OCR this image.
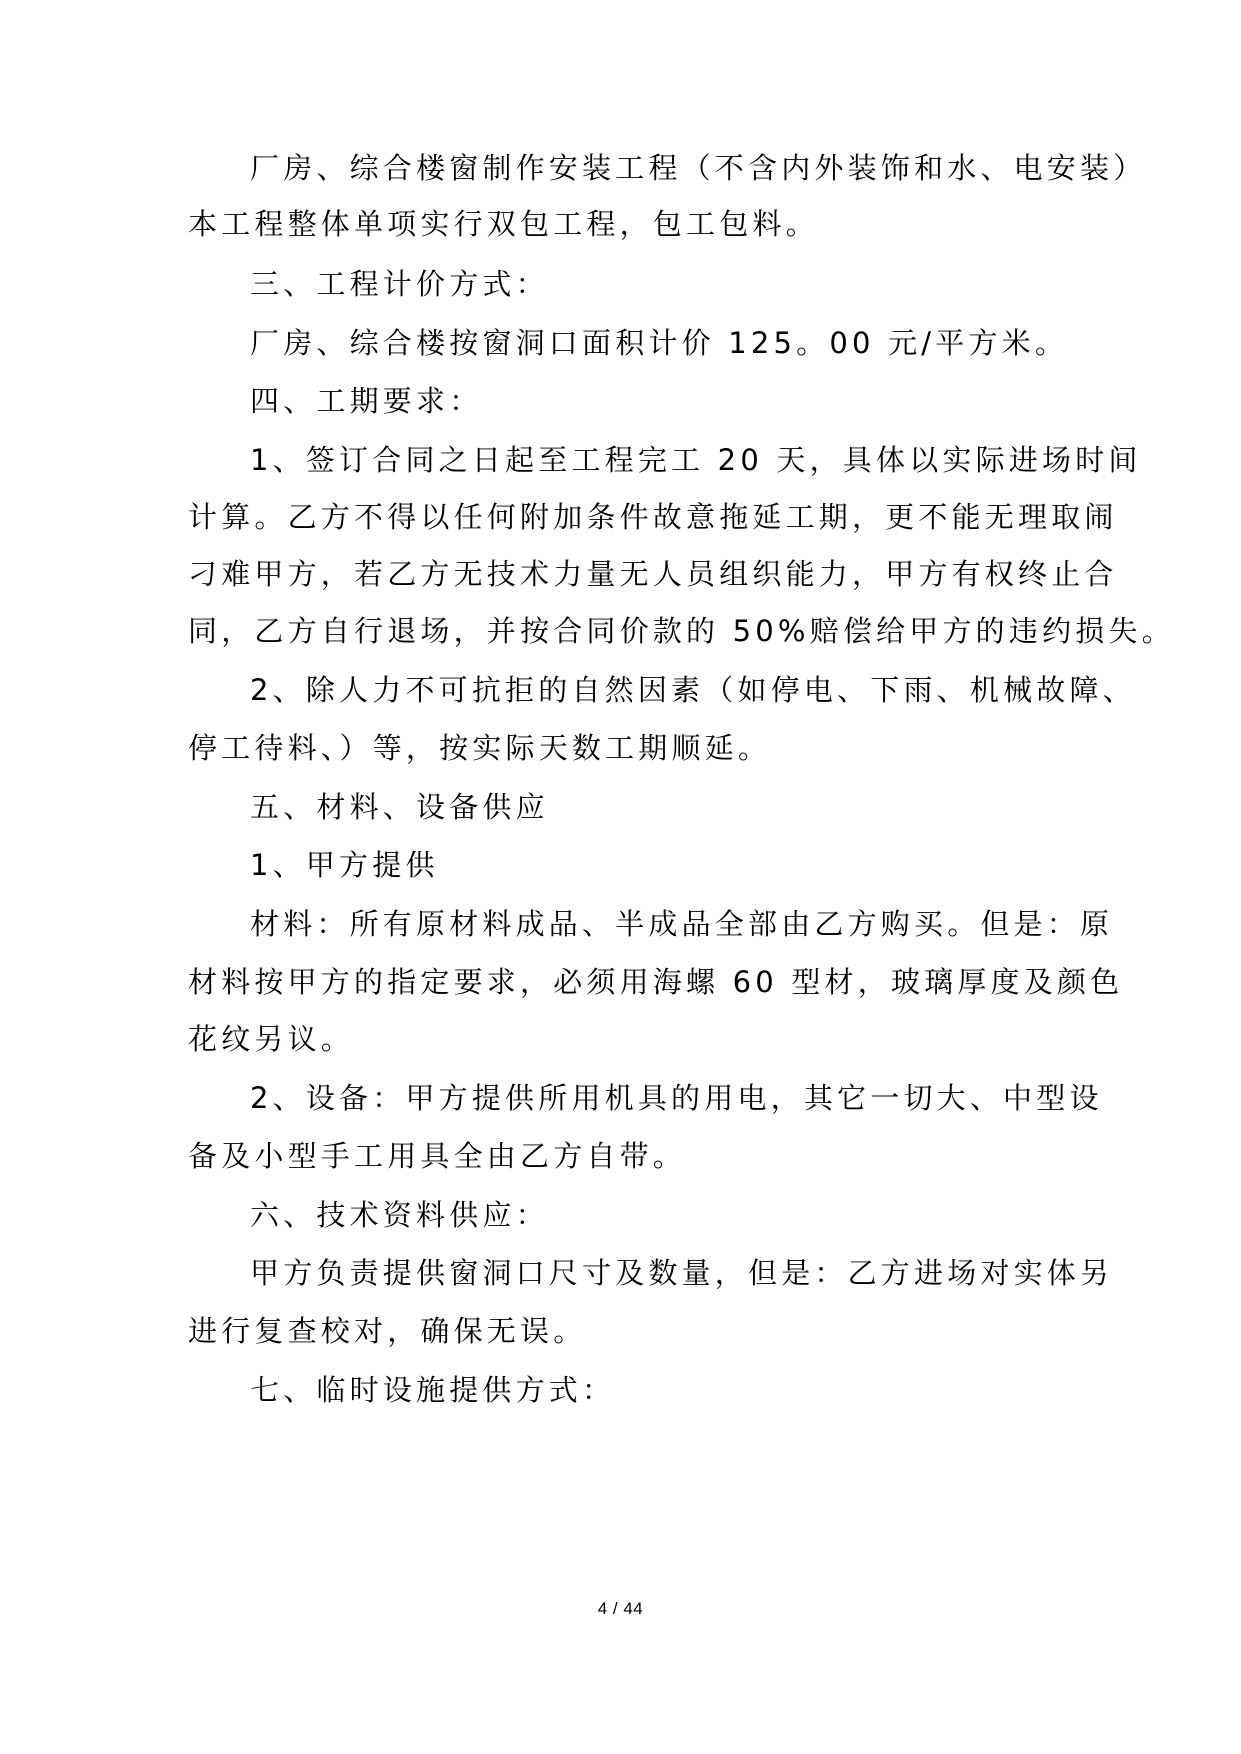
厂房、综合楼窗制作安装工程（不含内外装饰和水、电安装）
本工程整体单项实行双包工程，包工包料。
三、工程计价方式：
厂房、综合楼按窗洞口面积计价 125。00 元/平方米。
四、工期要求：
1、签订合同之日起至工程完工 20 天，具体以实际进场时间
计算。乙方不得以任何附加条件故意拖延工期，更不能无理取闹
刁难甲方，若乙方无技术力量无人员组织能力，甲方有权终止合
同，乙方自行退场，并按合同价款的 50%赔偿给甲方的违约损失。
2、除人力不可抗拒的自然因素（如停电、下雨、机械故障、
停工待料、）等，按实际天数工期顺延。
五、材料、设备供应
1、甲方提供
材料：所有原材料成品、半成品全部由乙方购买。但是：原
材料按甲方的指定要求，必须用海螺 60 型材，玻璃厚度及颜色
花纹另议。
2、设备：甲方提供所用机具的用电，其它一切大、中型设
备及小型手工用具全由乙方自带。
六、技术资料供应：
甲方负责提供窗洞口尺寸及数量，但是：乙方进场对实体另
进行复查校对，确保无误。
七、临时设施提供方式：
4 / 44
